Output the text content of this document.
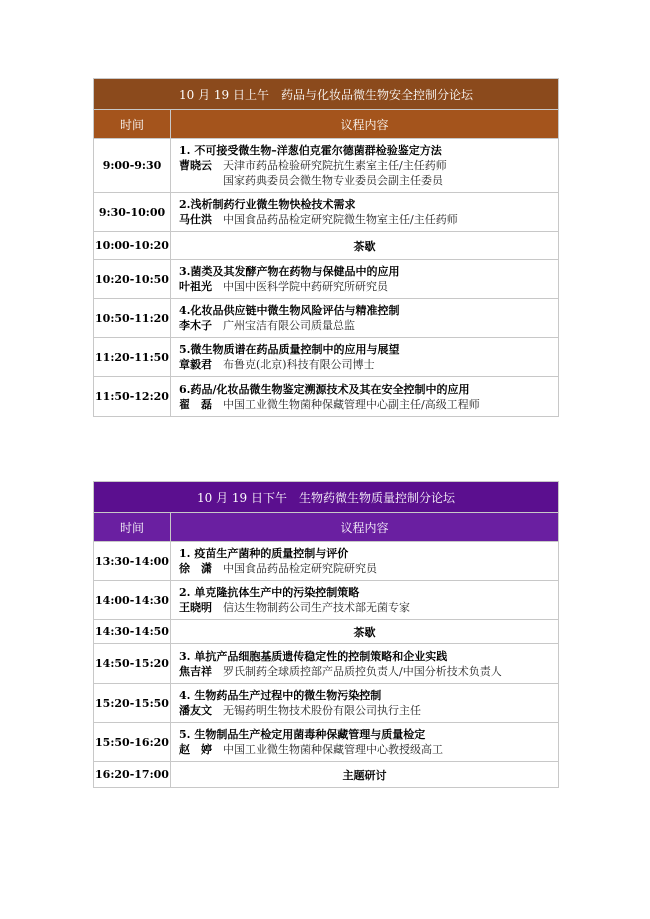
10 月 19 日上午　药品与化妆品微生物安全控制分论坛	
时间	议程内容
9:00-9:30	1. 不可接受微生物–洋葱伯克霍尔德菌群检验鉴定方法
曹晓云 天津市药品检验研究院抗生素室主任/主任药师
国家药典委员会微生物专业委员会副主任委员

9:30-10:00	2.浅析制药行业微生物快检技术需求
马仕洪 中国食品药品检定研究院微生物室主任/主任药师

10:00-10:20	茶歇
10:20-10:50	3.菌类及其发酵产物在药物与保健品中的应用
叶祖光 中国中医科学院中药研究所研究员

10:50-11:20	4.化妆品供应链中微生物风险评估与精准控制
李木子 广州宝洁有限公司质量总监

11:20-11:50	5.微生物质谱在药品质量控制中的应用与展望
章毅君 布鲁克(北京)科技有限公司博士

11:50-12:20	6.药品/化妆品微生物鉴定溯源技术及其在安全控制中的应用
翟　磊 中国工业微生物菌种保藏管理中心副主任/高级工程师
10 月 19 日下午　生物药微生物质量控制分论坛	
时间	议程内容
13:30-14:00	1. 疫苗生产菌种的质量控制与评价
徐　潇 中国食品药品检定研究院研究员

14:00-14:30	2. 单克隆抗体生产中的污染控制策略
王晓明 信达生物制药公司生产技术部无菌专家

14:30-14:50	茶歇
14:50-15:20	3. 单抗产品细胞基质遗传稳定性的控制策略和企业实践
焦吉祥 罗氏制药全球质控部产品质控负责人/中国分析技术负责人

15:20-15:50	4. 生物药品生产过程中的微生物污染控制
潘友文 无锡药明生物技术股份有限公司执行主任

15:50-16:20	5. 生物制品生产检定用菌毒种保藏管理与质量检定
赵　婷 中国工业微生物菌种保藏管理中心教授级高工

16:20-17:00	主题研讨
